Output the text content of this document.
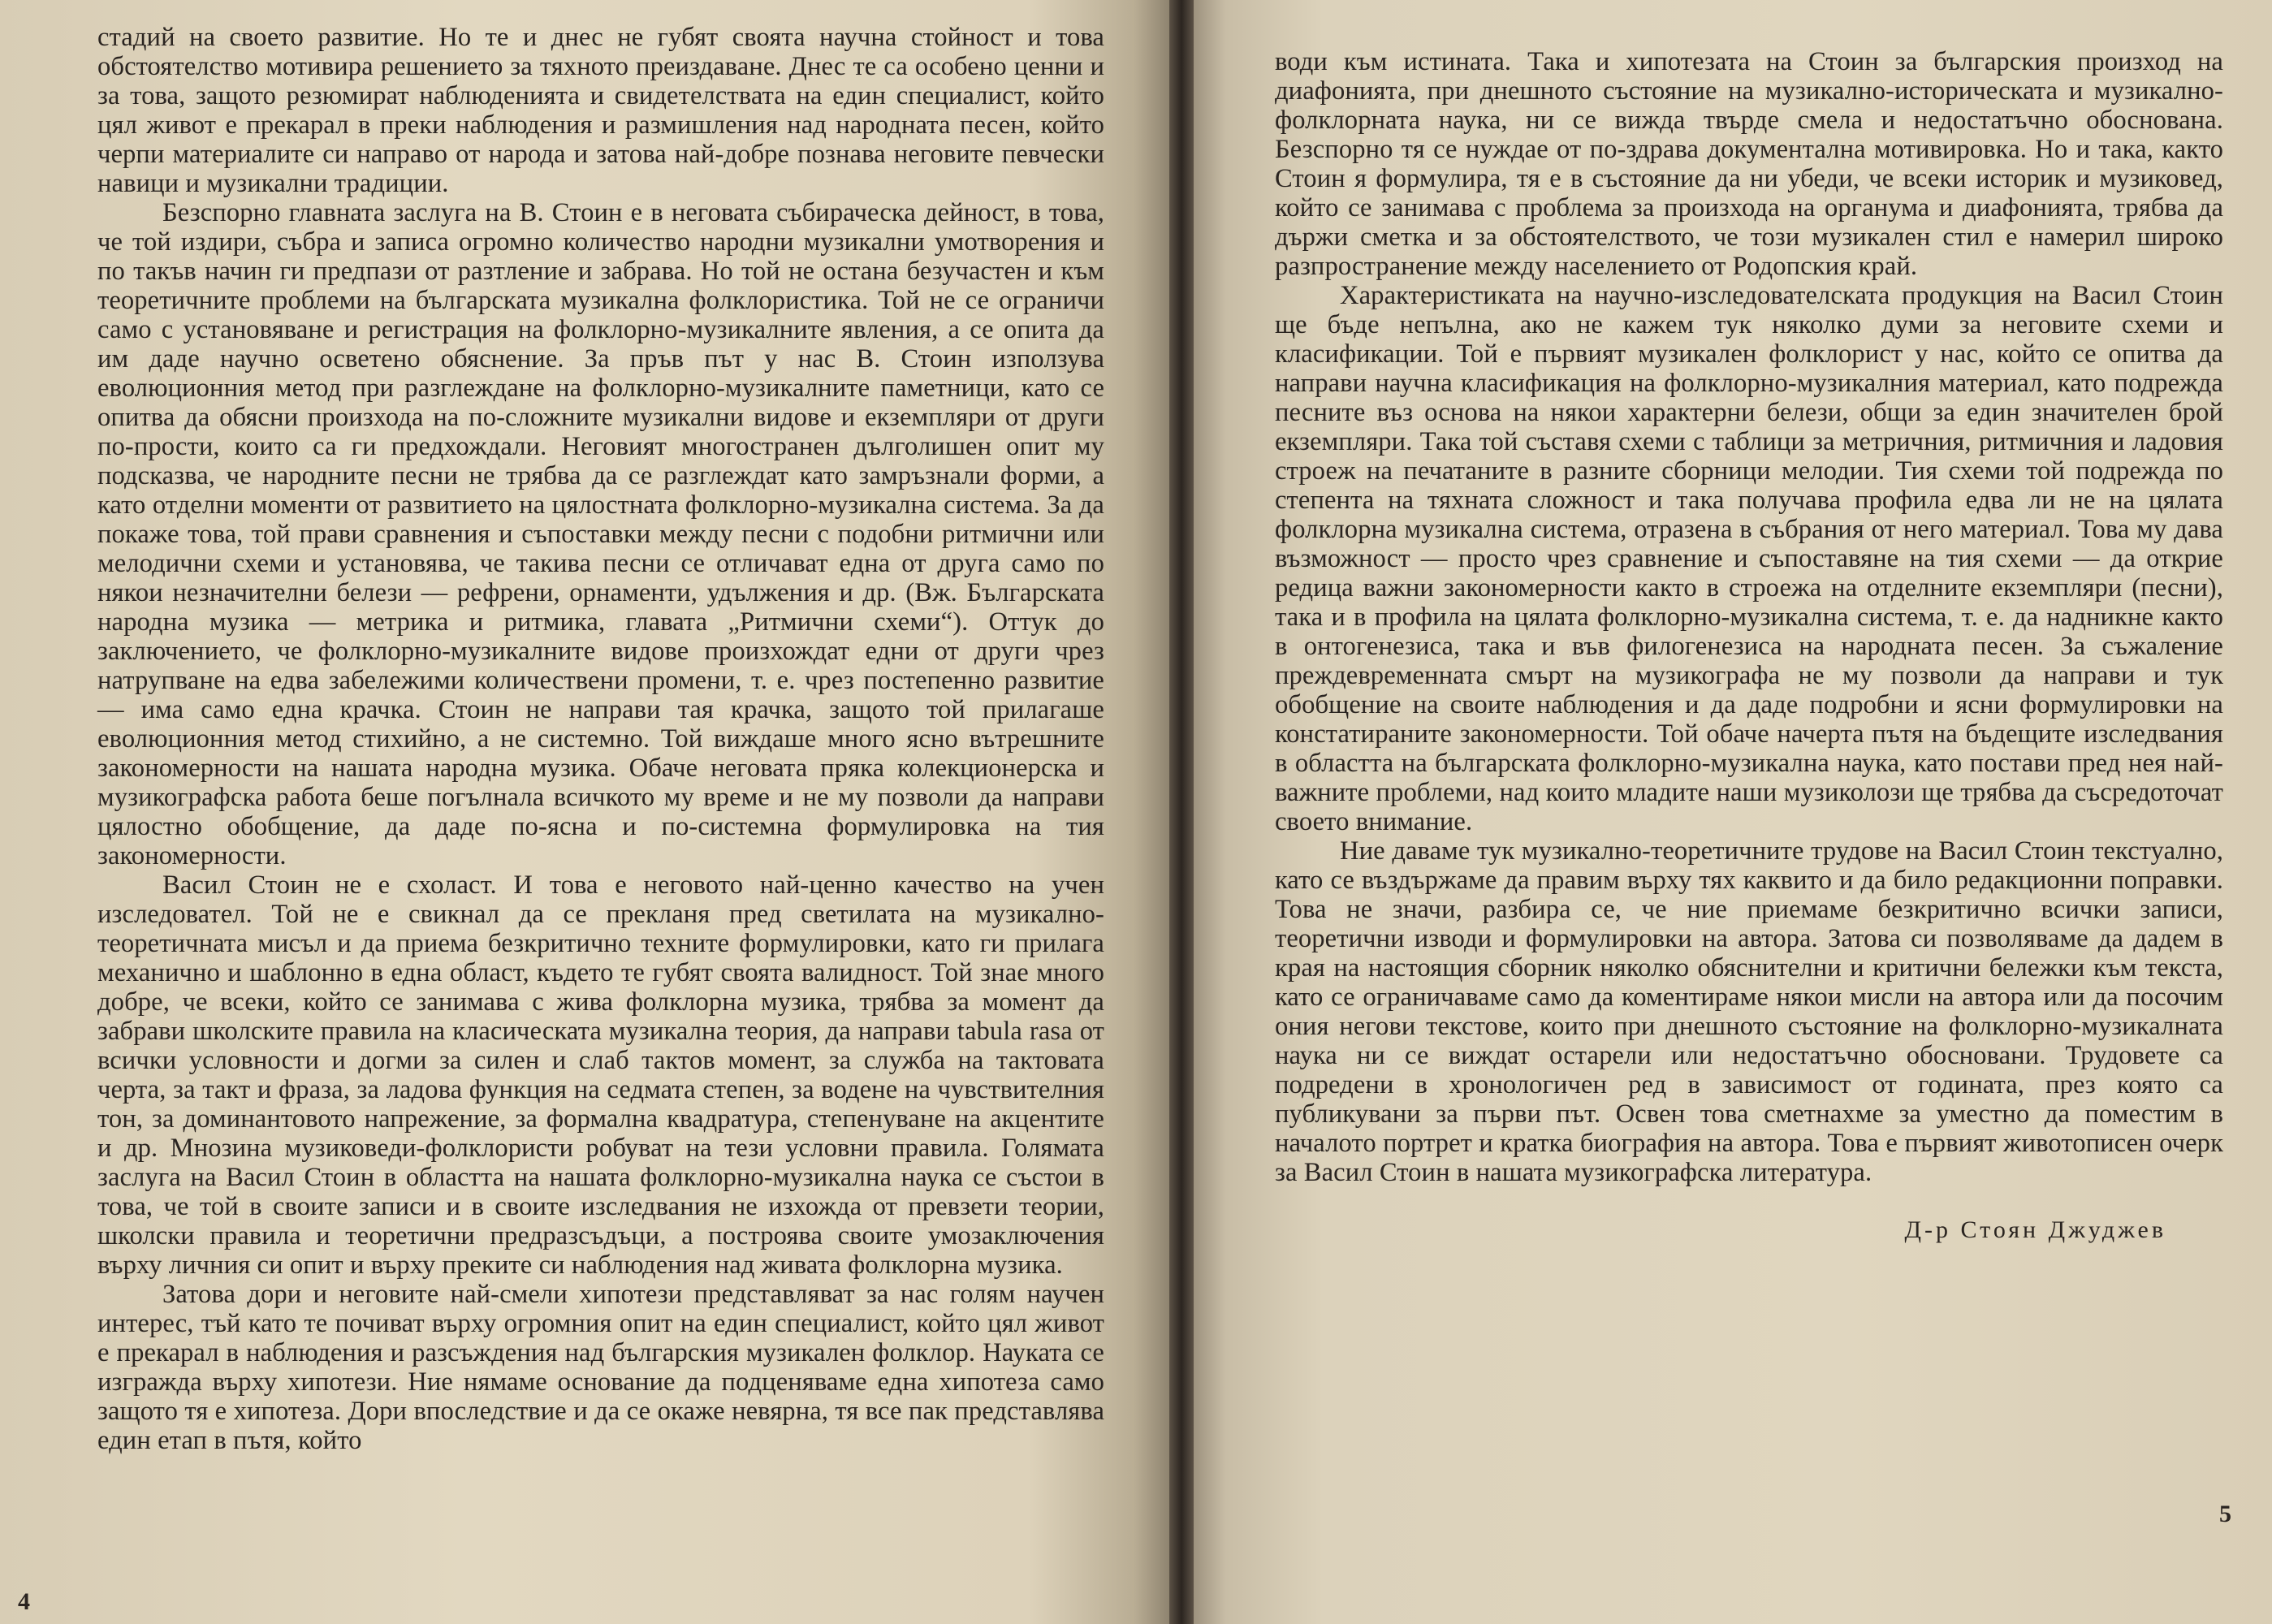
стадий на своето развитие. Но те и днес не губят своята научна стойност и това обстоятелство мотивира решението за тяхното преиздаване. Днес те са особено ценни и за това, защото резюмират наблюденията и свидетелствата на един специалист, който цял живот е прекарал в преки наблюдения и размишления над народната песен, който черпи материалите си направо от народа и затова най-добре познава неговите певчески навици и музикални традиции.

Безспорно главната заслуга на В. Стоин е в неговата събираческа дейност, в това, че той издири, събра и записа огромно количество народни музикални умотворения и по такъв начин ги предпази от разтление и забрава. Но той не остана безучастен и към теоретичните проблеми на българската музикална фолклористика. Той не се ограничи само с установяване и регистрация на фолклорно-музикалните явления, а се опита да им даде научно осветено обяснение. За пръв път у нас В. Стоин използува еволюционния метод при разглеждане на фолклорно-музикалните паметници, като се опитва да обясни произхода на по-сложните музикални видове и екземпляри от други по-прости, които са ги предхождали. Неговият многостранен дълголишен опит му подсказва, че народните песни не трябва да се разглеждат като замръзнали форми, а като отделни моменти от развитието на цялостната фолклорно-музикална система. За да покаже това, той прави сравнения и съпоставки между песни с подобни ритмични или мелодични схеми и установява, че такива песни се отличават една от друга само по някои незначителни белези — рефрени, орнаменти, удължения и др. (Вж. Българската народна музика — метрика и ритмика, главата „Ритмични схеми“). Оттук до заключението, че фолклорно-музикалните видове произхождат едни от други чрез натрупване на едва забележими количествени промени, т. е. чрез постепенно развитие — има само една крачка. Стоин не направи тая крачка, защото той прилагаше еволюционния метод стихийно, а не системно. Той виждаше много ясно вътрешните закономерности на нашата народна музика. Обаче неговата пряка колекционерска и музикографска работа беше погълнала всичкото му време и не му позволи да направи цялостно обобщение, да даде по-ясна и по-системна формулировка на тия закономерности.

Васил Стоин не е схоласт. И това е неговото най-ценно качество на учен изследовател. Той не е свикнал да се прекланя пред светилата на музикално-теоретичната мисъл и да приема безкритично техните формулировки, като ги прилага механично и шаблонно в една област, където те губят своята валидност. Той знае много добре, че всеки, който се занимава с жива фолклорна музика, трябва за момент да забрави школските правила на класическата музикална теория, да направи tabula rasa от всички условности и догми за силен и слаб тактов момент, за служба на тактовата черта, за такт и фраза, за ладова функция на седмата степен, за водене на чувствителния тон, за доминантовото напрежение, за формална квадратура, степенуване на акцентите и др. Мнозина музиковеди-фолклористи робуват на тези условни правила. Голямата заслуга на Васил Стоин в областта на нашата фолклорно-музикална наука се състои в това, че той в своите записи и в своите изследвания не изхожда от превзети теории, школски правила и теоретични предразсъдъци, а построява своите умозаключения върху личния си опит и върху преките си наблюдения над живата фолклорна музика.

Затова дори и неговите най-смели хипотези представляват за нас голям научен интерес, тъй като те почиват върху огромния опит на един специалист, който цял живот е прекарал в наблюдения и разсъждения над българския музикален фолклор. Науката се изгражда върху хипотези. Ние нямаме основание да подценяваме една хипотеза само защото тя е хипотеза. Дори впоследствие и да се окаже невярна, тя все пак представлява един етап в пътя, който

4

води към истината. Така и хипотезата на Стоин за българския произход на диафонията, при днешното състояние на музикално-историческата и музикално-фолклорната наука, ни се вижда твърде смела и недостатъчно обоснована. Безспорно тя се нуждае от по-здрава документална мотивировка. Но и така, както Стоин я формулира, тя е в състояние да ни убеди, че всеки историк и музиковед, който се занимава с проблема за произхода на органума и диафонията, трябва да държи сметка и за обстоятелството, че този музикален стил е намерил широко разпространение между населението от Родопския край.

Характеристиката на научно-изследователската продукция на Васил Стоин ще бъде непълна, ако не кажем тук няколко думи за неговите схеми и класификации. Той е първият музикален фолклорист у нас, който се опитва да направи научна класификация на фолклорно-музикалния материал, като подрежда песните въз основа на някои характерни белези, общи за един значителен брой екземпляри. Така той съставя схеми с таблици за метричния, ритмичния и ладовия строеж на печатаните в разните сборници мелодии. Тия схеми той подрежда по степента на тяхната сложност и така получава профила едва ли не на цялата фолклорна музикална система, отразена в събрания от него материал. Това му дава възможност — просто чрез сравнение и съпоставяне на тия схеми — да открие редица важни закономерности както в строежа на отделните екземпляри (песни), така и в профила на цялата фолклорно-музикална система, т. е. да надникне както в онтогенезиса, така и във филогенезиса на народната песен. За съжаление преждевременната смърт на музикографа не му позволи да направи и тук обобщение на своите наблюдения и да даде подробни и ясни формулировки на констатираните закономерности. Той обаче начерта пътя на бъдещите изследвания в областта на българската фолклорно-музикална наука, като постави пред нея най-важните проблеми, над които младите наши музиколози ще трябва да съсредоточат своето внимание.

Ние даваме тук музикално-теоретичните трудове на Васил Стоин текстуално, като се въздържаме да правим върху тях каквито и да било редакционни поправки. Това не значи, разбира се, че ние приемаме безкритично всички записи, теоретични изводи и формулировки на автора. Затова си позволяваме да дадем в края на настоящия сборник няколко обяснителни и критични бележки към текста, като се ограничаваме само да коментираме някои мисли на автора или да посочим ония негови текстове, които при днешното състояние на фолклорно-музикалната наука ни се виждат остарели или недостатъчно обосновани. Трудовете са подредени в хронологичен ред в зависимост от годината, през която са публикувани за първи път. Освен това сметнахме за уместно да поместим в началото портрет и кратка биография на автора. Това е първият животописен очерк за Васил Стоин в нашата музикографска литература.

Д-р Стоян Джуджев
5
